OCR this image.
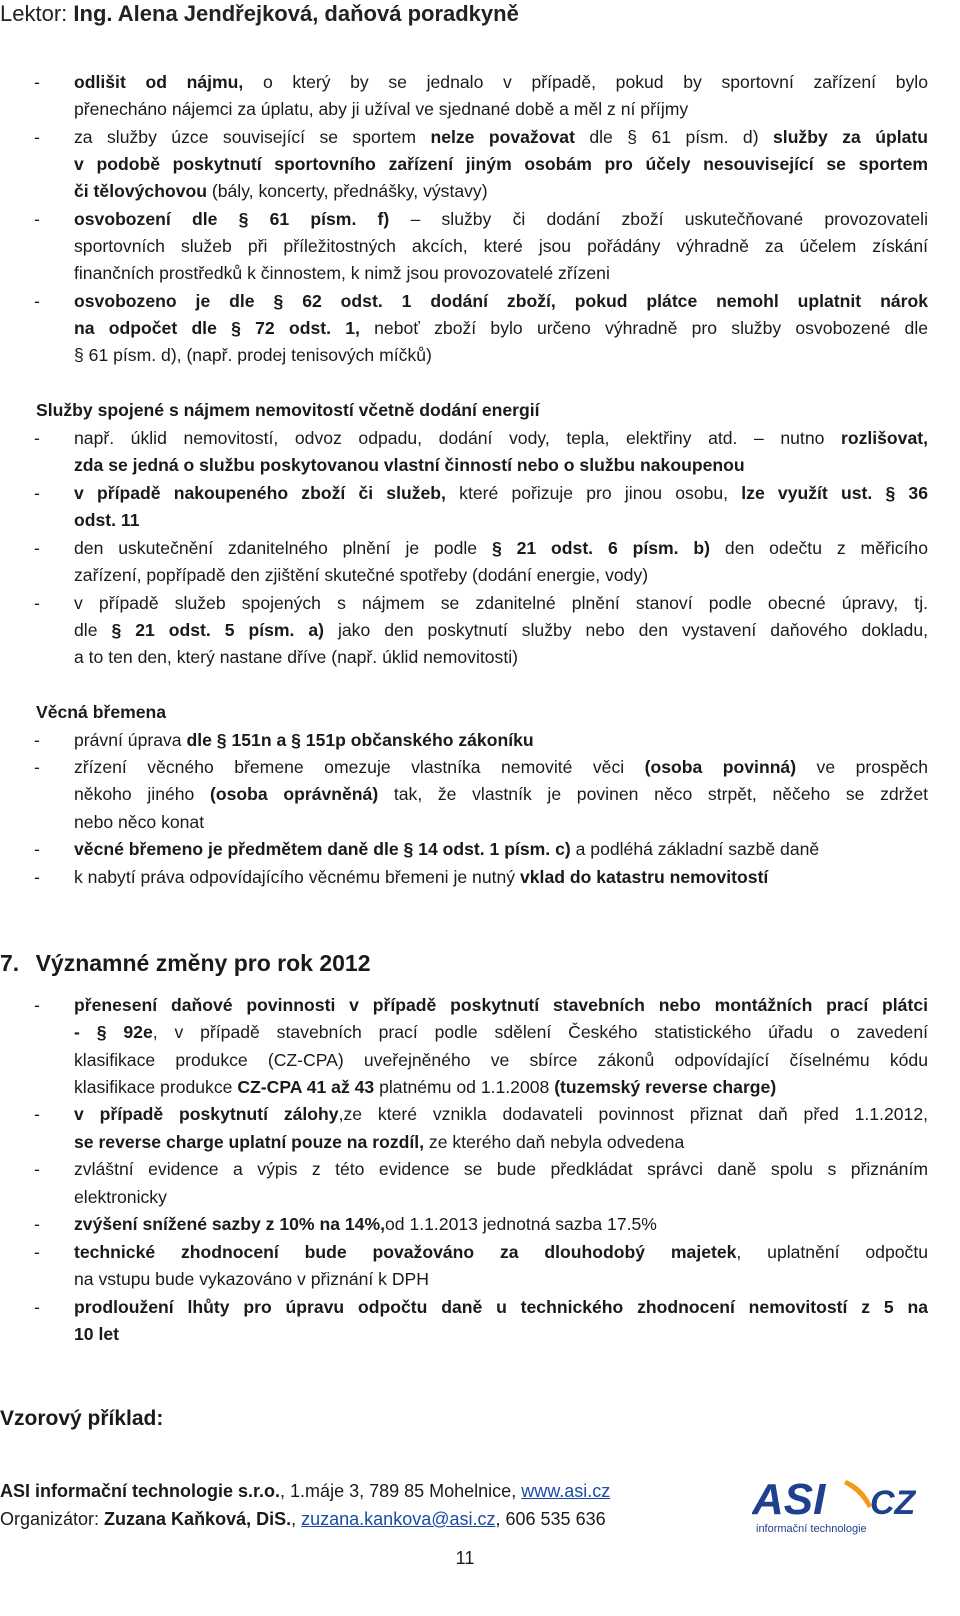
Lektor: Ing. Alena Jendřejková, daňová poradkyně
- odlišit od nájmu, o který by se jednalo v případě, pokud by sportovní zařízení bylo
přenecháno nájemci za úplatu, aby ji užíval ve sjednané době a měl z ní příjmy
- za služby úzce související se sportem nelze považovat dle § 61 písm. d) služby za úplatu
v podobě poskytnutí sportovního zařízení jiným osobám pro účely nesouvisející se sportem
či tělovýchovou (bály, koncerty, přednášky, výstavy)
- osvobození dle § 61 písm. f) – služby či dodání zboží uskutečňované provozovateli
sportovních služeb při příležitostných akcích, které jsou pořádány výhradně za účelem získání
finančních prostředků k činnostem, k nimž jsou provozovatelé zřízeni
- osvobozeno je dle § 62 odst. 1 dodání zboží, pokud plátce nemohl uplatnit nárok
na odpočet dle § 72 odst. 1, neboť zboží bylo určeno výhradně pro služby osvobozené dle
§ 61 písm. d), (např. prodej tenisových míčků)
Služby spojené s nájmem nemovitostí včetně dodání energií
- např. úklid nemovitostí, odvoz odpadu, dodání vody, tepla, elektřiny atd. – nutno rozlišovat,
zda se jedná o službu poskytovanou vlastní činností nebo o službu nakoupenou
- v případě nakoupeného zboží či služeb, které pořizuje pro jinou osobu, lze využít ust. § 36
odst. 11
- den uskutečnění zdanitelného plnění je podle § 21 odst. 6 písm. b) den odečtu z měřicího
zařízení, popřípadě den zjištění skutečné spotřeby (dodání energie, vody)
- v případě služeb spojených s nájmem se zdanitelné plnění stanoví podle obecné úpravy, tj.
dle § 21 odst. 5 písm. a) jako den poskytnutí služby nebo den vystavení daňového dokladu,
a to ten den, který nastane dříve (např. úklid nemovitosti)
Věcná břemena
- právní úprava dle § 151n a § 151p občanského zákoníku
- zřízení věcného břemene omezuje vlastníka nemovité věci (osoba povinná) ve prospěch
někoho jiného (osoba oprávněná) tak, že vlastník je povinen něco strpět, něčeho se zdržet
nebo něco konat
- věcné břemeno je předmětem daně dle § 14 odst. 1 písm. c) a podléhá základní sazbě daně
- k nabytí práva odpovídajícího věcnému břemeni je nutný vklad do katastru nemovitostí
7. Významné změny pro rok 2012
- přenesení daňové povinnosti v případě poskytnutí stavebních nebo montážních prací plátci
- § 92e, v případě stavebních prací podle sdělení Českého statistického úřadu o zavedení
klasifikace produkce (CZ-CPA) uveřejněného ve sbírce zákonů odpovídající číselnému kódu
klasifikace produkce CZ-CPA 41 až 43 platnému od 1.1.2008 (tuzemský reverse charge)
- v případě poskytnutí zálohy,ze které vznikla dodavateli povinnost přiznat daň před 1.1.2012,
se reverse charge uplatní pouze na rozdíl, ze kterého daň nebyla odvedena
- zvláštní evidence a výpis z této evidence se bude předkládat správci daně spolu s přiznáním
elektronicky
- zvýšení snížené sazby z 10% na 14%,od 1.1.2013 jednotná sazba 17.5%
- technické zhodnocení bude považováno za dlouhodobý majetek, uplatnění odpočtu
na vstupu bude vykazováno v přiznání k DPH
- prodloužení lhůty pro úpravu odpočtu daně u technického zhodnocení nemovitostí z 5 na
10 let
Vzorový příklad:
ASI informační technologie s.r.o., 1.máje 3, 789 85 Mohelnice, www.asi.cz
Organizátor: Zuzana Kaňková, DiS., zuzana.kankova@asi.cz, 606 535 636
11
ASI CZ
informační technologie
